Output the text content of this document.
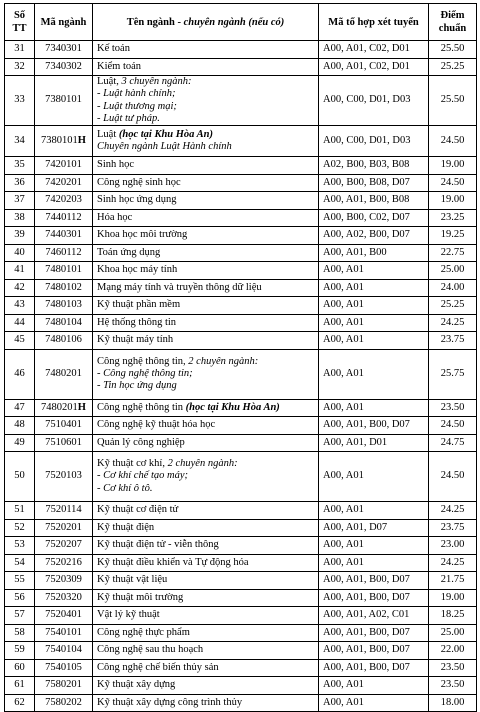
Số TT	Mã ngành	Tên ngành - chuyên ngành (nếu có)	Mã tổ hợp xét tuyển	Điểm chuẩn
31	7340301	Kế toán	A00, A01, C02, D01	25.50
32	7340302	Kiểm toán	A00, A01, C02, D01	25.25
33	7380101	Luật, 3 chuyên ngành:
- Luật hành chính;
- Luật thương mại;
- Luật tư pháp.	A00, C00, D01, D03	25.50
34	7380101H	Luật (học tại Khu Hòa An)
Chuyên ngành Luật Hành chính	A00, C00, D01, D03	24.50
35	7420101	Sinh học	A02, B00, B03, B08	19.00
36	7420201	Công nghệ sinh học	A00, B00, B08, D07	24.50
37	7420203	Sinh học ứng dụng	A00, A01, B00, B08	19.00
38	7440112	Hóa học	A00, B00, C02, D07	23.25
39	7440301	Khoa học môi trường	A00, A02, B00, D07	19.25
40	7460112	Toán ứng dụng	A00, A01, B00	22.75
41	7480101	Khoa học máy tính	A00, A01	25.00
42	7480102	Mạng máy tính và truyền thông dữ liệu	A00, A01	24.00
43	7480103	Kỹ thuật phần mềm	A00, A01	25.25
44	7480104	Hệ thống thông tin	A00, A01	24.25
45	7480106	Kỹ thuật máy tính	A00, A01	23.75
46	7480201	Công nghệ thông tin, 2 chuyên ngành:
- Công nghệ thông tin;
- Tin học ứng dụng	A00, A01	25.75
47	7480201H	Công nghệ thông tin (học tại Khu Hòa An)	A00, A01	23.50
48	7510401	Công nghệ kỹ thuật hóa học	A00, A01, B00, D07	24.50
49	7510601	Quản lý công nghiệp	A00, A01, D01	24.75
50	7520103	Kỹ thuật cơ khí, 2 chuyên ngành:
- Cơ khí chế tạo máy;
- Cơ khí ô tô.	A00, A01	24.50
51	7520114	Kỹ thuật cơ điện tử	A00, A01	24.25
52	7520201	Kỹ thuật điện	A00, A01, D07	23.75
53	7520207	Kỹ thuật điện tử - viễn thông	A00, A01	23.00
54	7520216	Kỹ thuật điều khiển và Tự động hóa	A00, A01	24.25
55	7520309	Kỹ thuật vật liệu	A00, A01, B00, D07	21.75
56	7520320	Kỹ thuật môi trường	A00, A01, B00, D07	19.00
57	7520401	Vật lý kỹ thuật	A00, A01, A02, C01	18.25
58	7540101	Công nghệ thực phẩm	A00, A01, B00, D07	25.00
59	7540104	Công nghệ sau thu hoạch	A00, A01, B00, D07	22.00
60	7540105	Công nghệ chế biến thủy sản	A00, A01, B00, D07	23.50
61	7580201	Kỹ thuật xây dựng	A00, A01	23.50
62	7580202	Kỹ thuật xây dựng công trình thủy	A00, A01	18.00
